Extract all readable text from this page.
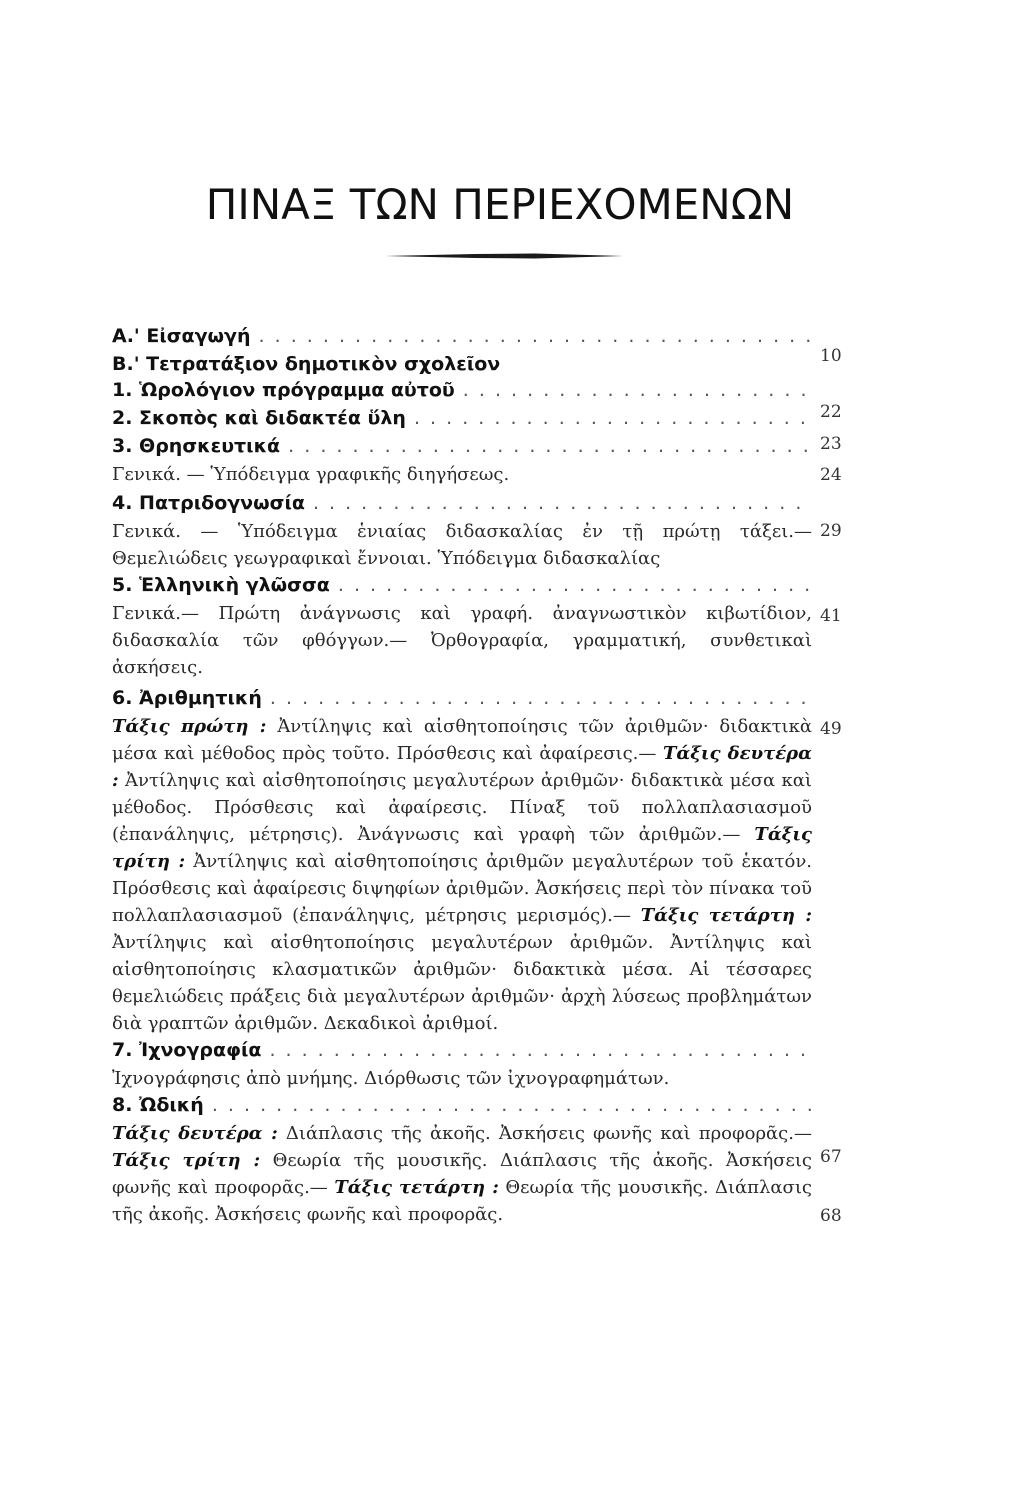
ΠΙΝΑΞ ΤΩΝ ΠΕΡΙΕΧΟΜΕΝΩΝ
Α.' Εἰσαγωγή . . .
Β.' Τετρατάξιον δημοτικὸν σχολεῖον
1. Ὡρολόγιον πρόγραμμα αὐτοῦ . . .
2. Σκοπὸς καὶ διδακτέα ὕλη . . .
3. Θρησκευτικά . . .
Γενικά. — Ὑπόδειγμα γραφικῆς διηγήσεως.
4. Πατριδογνωσία . . .
Γενικά. — Ὑπόδειγμα ἑνιαίας διδασκαλίας ἐν τῇ πρώτῃ τάξει.— Θεμελιώδεις γεωγραφικαὶ ἔννοιαι. Ὑπόδειγμα διδασκαλίας
5. Ἑλληνικὴ γλῶσσα . . .
Γενικά.— Πρώτη ἀνάγνωσις καὶ γραφή. ἀναγνωστικὸν κιβωτίδιον, διδασκαλία τῶν φθόγγων.— Ὀρθογραφία, γραμματική, συνθετικαὶ ἀσκήσεις.
6. Ἀριθμητική . . .
Τάξις πρώτη : Ἀντίληψις καὶ αἰσθητοποίησις τῶν ἀριθμῶν· διδακτικὰ μέσα καὶ μέθοδος πρὸς τοῦτο. Πρόσθεσις καὶ ἀφαίρεσις.— Τάξις δευτέρα : Ἀντίληψις καὶ αἰσθητοποίησις μεγαλυτέρων ἀριθμῶν· διδακτικὰ μέσα καὶ μέθοδος. Πρόσθεσις καὶ ἀφαίρεσις. Πίναξ τοῦ πολλαπλασιασμοῦ (ἐπανάληψις, μέτρησις). Ἀνάγνωσις καὶ γραφὴ τῶν ἀριθμῶν.— Τάξις τρίτη : Ἀντίληψις καὶ αἰσθητοποίησις ἀριθμῶν μεγαλυτέρων τοῦ ἑκατόν. Πρόσθεσις καὶ ἀφαίρεσις διψηφίων ἀριθμῶν. Ἀσκήσεις περὶ τὸν πίνακα τοῦ πολλαπλασιασμοῦ (ἐπανάληψις, μέτρησις μερισμός).— Τάξις τετάρτη : Ἀντίληψις καὶ αἰσθητοποίησις μεγαλυτέρων ἀριθμῶν. Ἀντίληψις καὶ αἰσθητοποίησις κλασματικῶν ἀριθμῶν· διδακτικὰ μέσα. Αἱ τέσσαρες θεμελιώδεις πράξεις διὰ μεγαλυτέρων ἀριθμῶν· ἀρχὴ λύσεως προβλημάτων διὰ γραπτῶν ἀριθμῶν. Δεκαδικοὶ ἀριθμοί.
7. Ἰχνογραφία . . .
Ἰχνογράφησις ἀπὸ μνήμης. Διόρθωσις τῶν ἰχνογραφημάτων.
8. Ὠδική . . .
Τάξις δευτέρα : Διάπλασις τῆς ἀκοῆς. Ἀσκήσεις φωνῆς καὶ προφορᾶς.— Τάξις τρίτη : Θεωρία τῆς μουσικῆς. Διάπλασις τῆς ἀκοῆς. Ἀσκήσεις φωνῆς καὶ προφορᾶς.— Τάξις τετάρτη : Θεωρία τῆς μουσικῆς. Διάπλασις τῆς ἀκοῆς. Ἀσκήσεις φωνῆς καὶ προφορᾶς.
10
22
23
24
29
41
49
67
68
